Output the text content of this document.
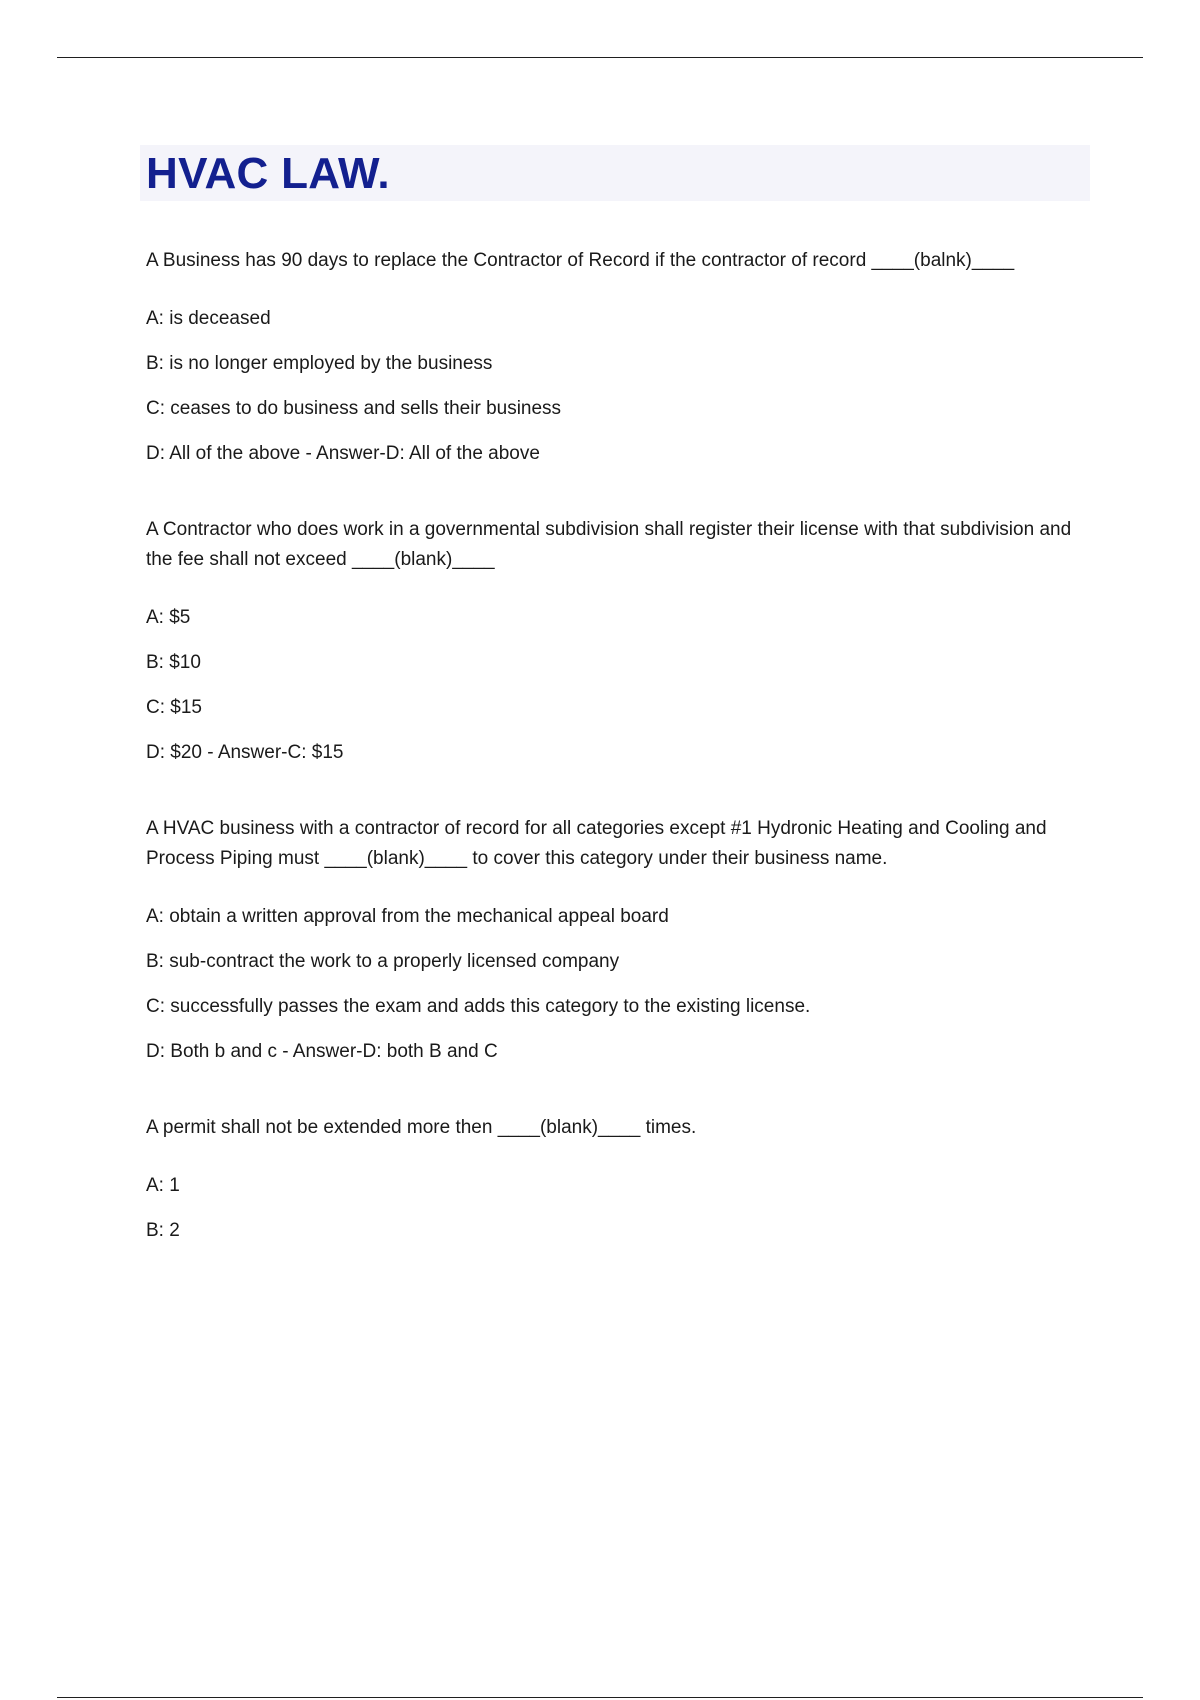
HVAC LAW.

A Business has 90 days to replace the Contractor of Record if the contractor of record ____(balnk)____

A: is deceased
B: is no longer employed by the business
C: ceases to do business and sells their business
D: All of the above - Answer-D: All of the above

A Contractor who does work in a governmental subdivision shall register their license with that subdivision and the fee shall not exceed ____(blank)____

A: $5
B: $10
C: $15
D: $20 - Answer-C: $15

A HVAC business with a contractor of record for all categories except #1 Hydronic Heating and Cooling and Process Piping must ____(blank)____ to cover this category under their business name.

A: obtain a written approval from the mechanical appeal board
B: sub-contract the work to a properly licensed company
C: successfully passes the exam and adds this category to the existing license.
D: Both b and c - Answer-D: both B and C

A permit shall not be extended more then ____(blank)____ times.

A: 1
B: 2
